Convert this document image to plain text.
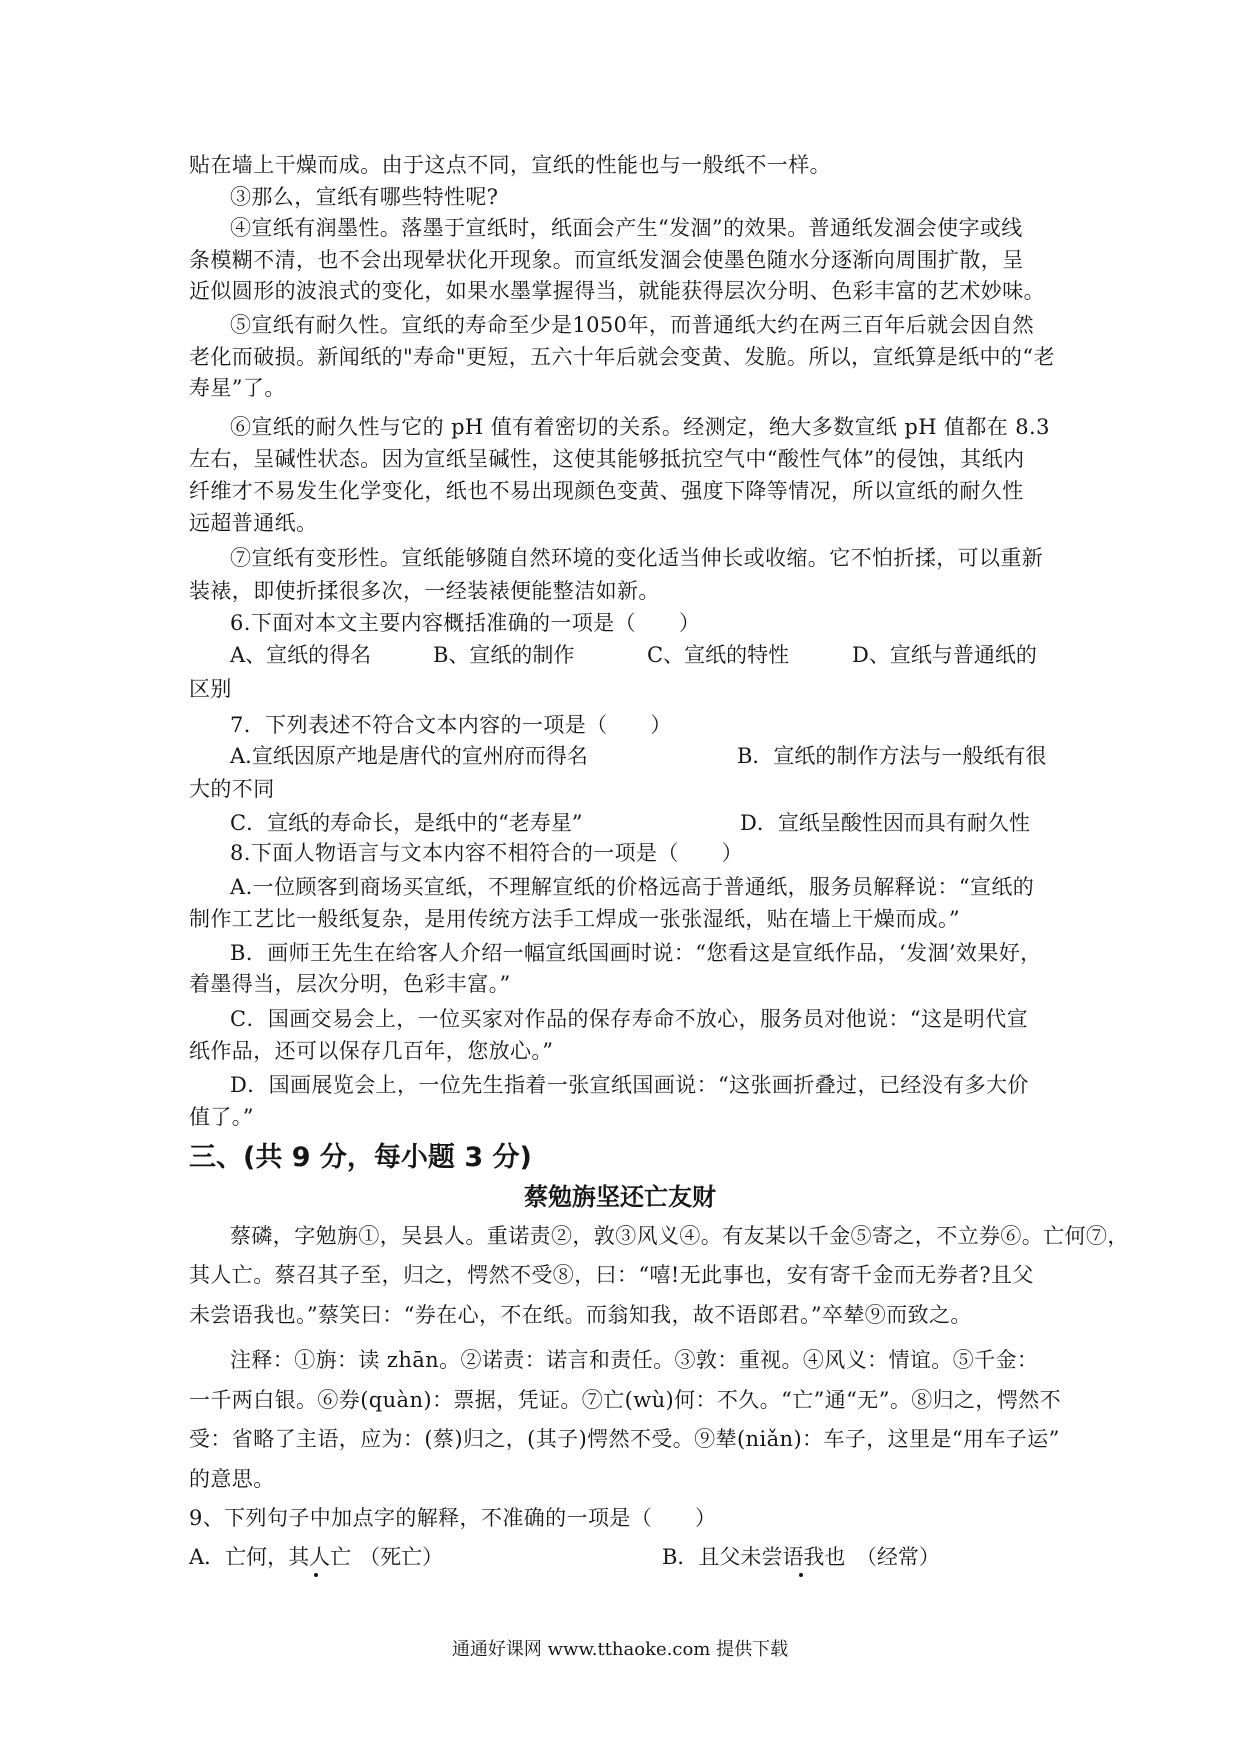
贴在墙上干燥而成。由于这点不同，宣纸的性能也与一般纸不一样。
③那么，宣纸有哪些特性呢?
④宣纸有润墨性。落墨于宣纸时，纸面会产生“发涸”的效果。普通纸发涸会使字或线
条模糊不清，也不会出现晕状化开现象。而宣纸发涸会使墨色随水分逐渐向周围扩散，呈
近似圆形的波浪式的变化，如果水墨掌握得当，就能获得层次分明、色彩丰富的艺术妙味。
⑤宣纸有耐久性。宣纸的寿命至少是1050年，而普通纸大约在两三百年后就会因自然
老化而破损。新闻纸的"寿命"更短，五六十年后就会变黄、发脆。所以，宣纸算是纸中的“老
寿星”了。
⑥宣纸的耐久性与它的 pH 值有着密切的关系。经测定，绝大多数宣纸 pH 值都在 8.3
左右，呈碱性状态。因为宣纸呈碱性，这使其能够抵抗空气中“酸性气体”的侵蚀，其纸内
纤维才不易发生化学变化，纸也不易出现颜色变黄、强度下降等情况，所以宣纸的耐久性
远超普通纸。
⑦宣纸有变形性。宣纸能够随自然环境的变化适当伸长或收缩。它不怕折揉，可以重新
装裱，即使折揉很多次，一经装裱便能整洁如新。
6.下面对本文主要内容概括准确的一项是（　　）
A、宣纸的得名	B、宣纸的制作	C、宣纸的特性	D、宣纸与普通纸的
区别
7．下列表述不符合文本内容的一项是（　　）
A.宣纸因原产地是唐代的宣州府而得名	B．宣纸的制作方法与一般纸有很
大的不同
C．宣纸的寿命长，是纸中的“老寿星”	D．宣纸呈酸性因而具有耐久性
8.下面人物语言与文本内容不相符合的一项是（　　）
A.一位顾客到商场买宣纸，不理解宣纸的价格远高于普通纸，服务员解释说：“宣纸的
制作工艺比一般纸复杂，是用传统方法手工焊成一张张湿纸，贴在墙上干燥而成。”
B．画师王先生在给客人介绍一幅宣纸国画时说：“您看这是宣纸作品，‘发涸’效果好，
着墨得当，层次分明，色彩丰富。”
C．国画交易会上，一位买家对作品的保存寿命不放心，服务员对他说：“这是明代宣
纸作品，还可以保存几百年，您放心。”
D．国画展览会上，一位先生指着一张宣纸国画说：“这张画折叠过，已经没有多大价
值了。”
三、(共 9 分，每小题 3 分)
蔡勉旃坚还亡友财
蔡磷，字勉旃①，吴县人。重诺责②，敦③风义④。有友某以千金⑤寄之，不立券⑥。亡何⑦，
其人亡。蔡召其子至，归之，愕然不受⑧，曰：“嘻!无此事也，安有寄千金而无券者?且父
未尝语我也。”蔡笑曰：“券在心，不在纸。而翁知我，故不语郎君。”卒辇⑨而致之。
注释：①旃：读 zhān。②诺责：诺言和责任。③敦：重视。④风义：情谊。⑤千金：
一千两白银。⑥券(quàn)：票据，凭证。⑦亡(wù)何：不久。“亡”通“无”。⑧归之，愕然不
受：省略了主语，应为：(蔡)归之，(其子)愕然不受。⑨辇(niǎn)：车子，这里是“用车子运”
的意思。
9、下列句子中加点字的解释，不准确的一项是（　　）
A．亡何，其人亡 （死亡）	B．且父未尝语我也　（经常）
通通好课网 www.tthaoke.com 提供下载
